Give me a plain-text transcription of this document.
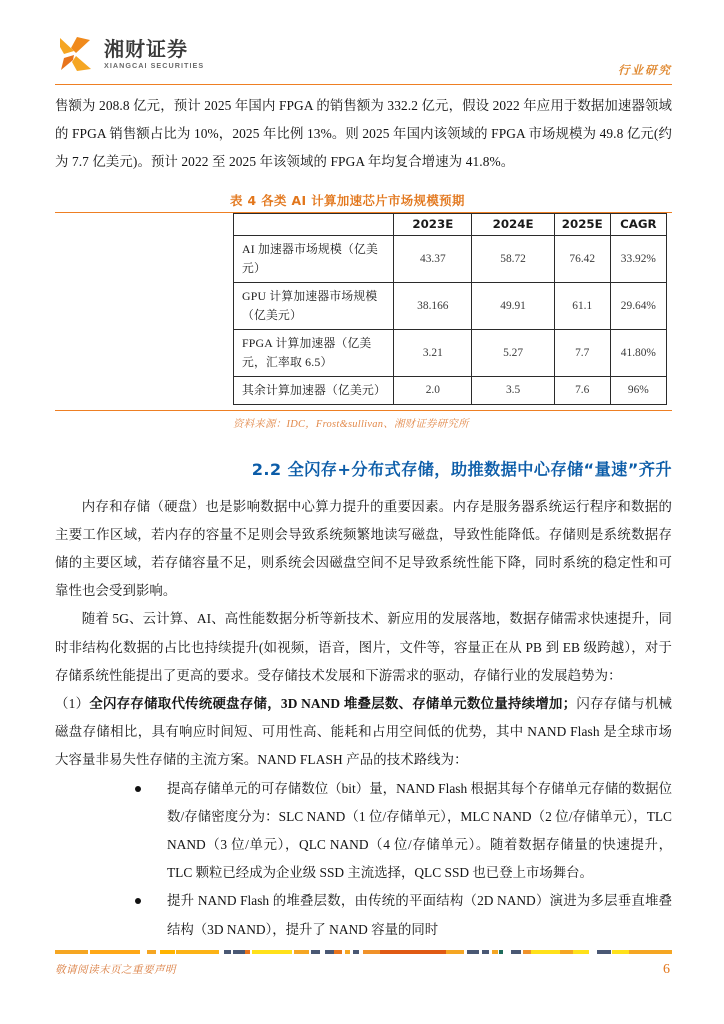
湘财证券
XIANGCAI SECURITIES	行业研究

售额为 208.8 亿元，预计 2025 年国内 FPGA 的销售额为 332.2 亿元，假设 2022 年应用于数据加速器领域的 FPGA 销售额占比为 10%，2025 年比例 13%。则 2025 年国内该领域的 FPGA 市场规模为 49.8 亿元(约为 7.7 亿美元)。预计 2022 至 2025 年该领域的 FPGA 年均复合增速为 41.8%。

表 4 各类 AI 计算加速芯片市场规模预期
	2023E	2024E	2025E	CAGR
AI 加速器市场规模（亿美元）	43.37	58.72	76.42	33.92%
GPU 计算加速器市场规模（亿美元）	38.166	49.91	61.1	29.64%
FPGA 计算加速器（亿美元，汇率取 6.5）	3.21	5.27	7.7	41.80%
其余计算加速器（亿美元）	2.0	3.5	7.6	96%
资料来源：IDC，Frost&sullivan、湘财证券研究所
2.2 全闪存+分布式存储，助推数据中心存储“量速”齐升

内存和存储（硬盘）也是影响数据中心算力提升的重要因素。内存是服务器系统运行程序和数据的主要工作区域，若内存的容量不足则会导致系统频繁地读写磁盘，导致性能降低。存储则是系统数据存储的主要区域，若存储容量不足，则系统会因磁盘空间不足导致系统性能下降，同时系统的稳定性和可靠性也会受到影响。

随着 5G、云计算、AI、高性能数据分析等新技术、新应用的发展落地，数据存储需求快速提升，同时非结构化数据的占比也持续提升(如视频，语音，图片，文件等，容量正在从 PB 到 EB 级跨越），对于存储系统性能提出了更高的要求。受存储技术发展和下游需求的驱动，存储行业的发展趋势为：

（1）全闪存存储取代传统硬盘存储，3D NAND 堆叠层数、存储单元数位量持续增加；闪存存储与机械磁盘存储相比，具有响应时间短、可用性高、能耗和占用空间低的优势，其中 NAND Flash 是全球市场大容量非易失性存储的主流方案。NAND FLASH 产品的技术路线为：

提高存储单元的可存储数位（bit）量，NAND Flash 根据其每个存储单元存储的数据位数/存储密度分为：SLC NAND（1 位/存储单元），MLC NAND（2 位/存储单元），TLC NAND（3 位/单元），QLC NAND（4 位/存储单元）。随着数据存储量的快速提升，TLC 颗粒已经成为企业级 SSD 主流选择，QLC SSD 也已登上市场舞台。
提升 NAND Flash 的堆叠层数，由传统的平面结构（2D NAND）演进为多层垂直堆叠结构（3D NAND），提升了 NAND 容量的同时
敬请阅读末页之重要声明	6
